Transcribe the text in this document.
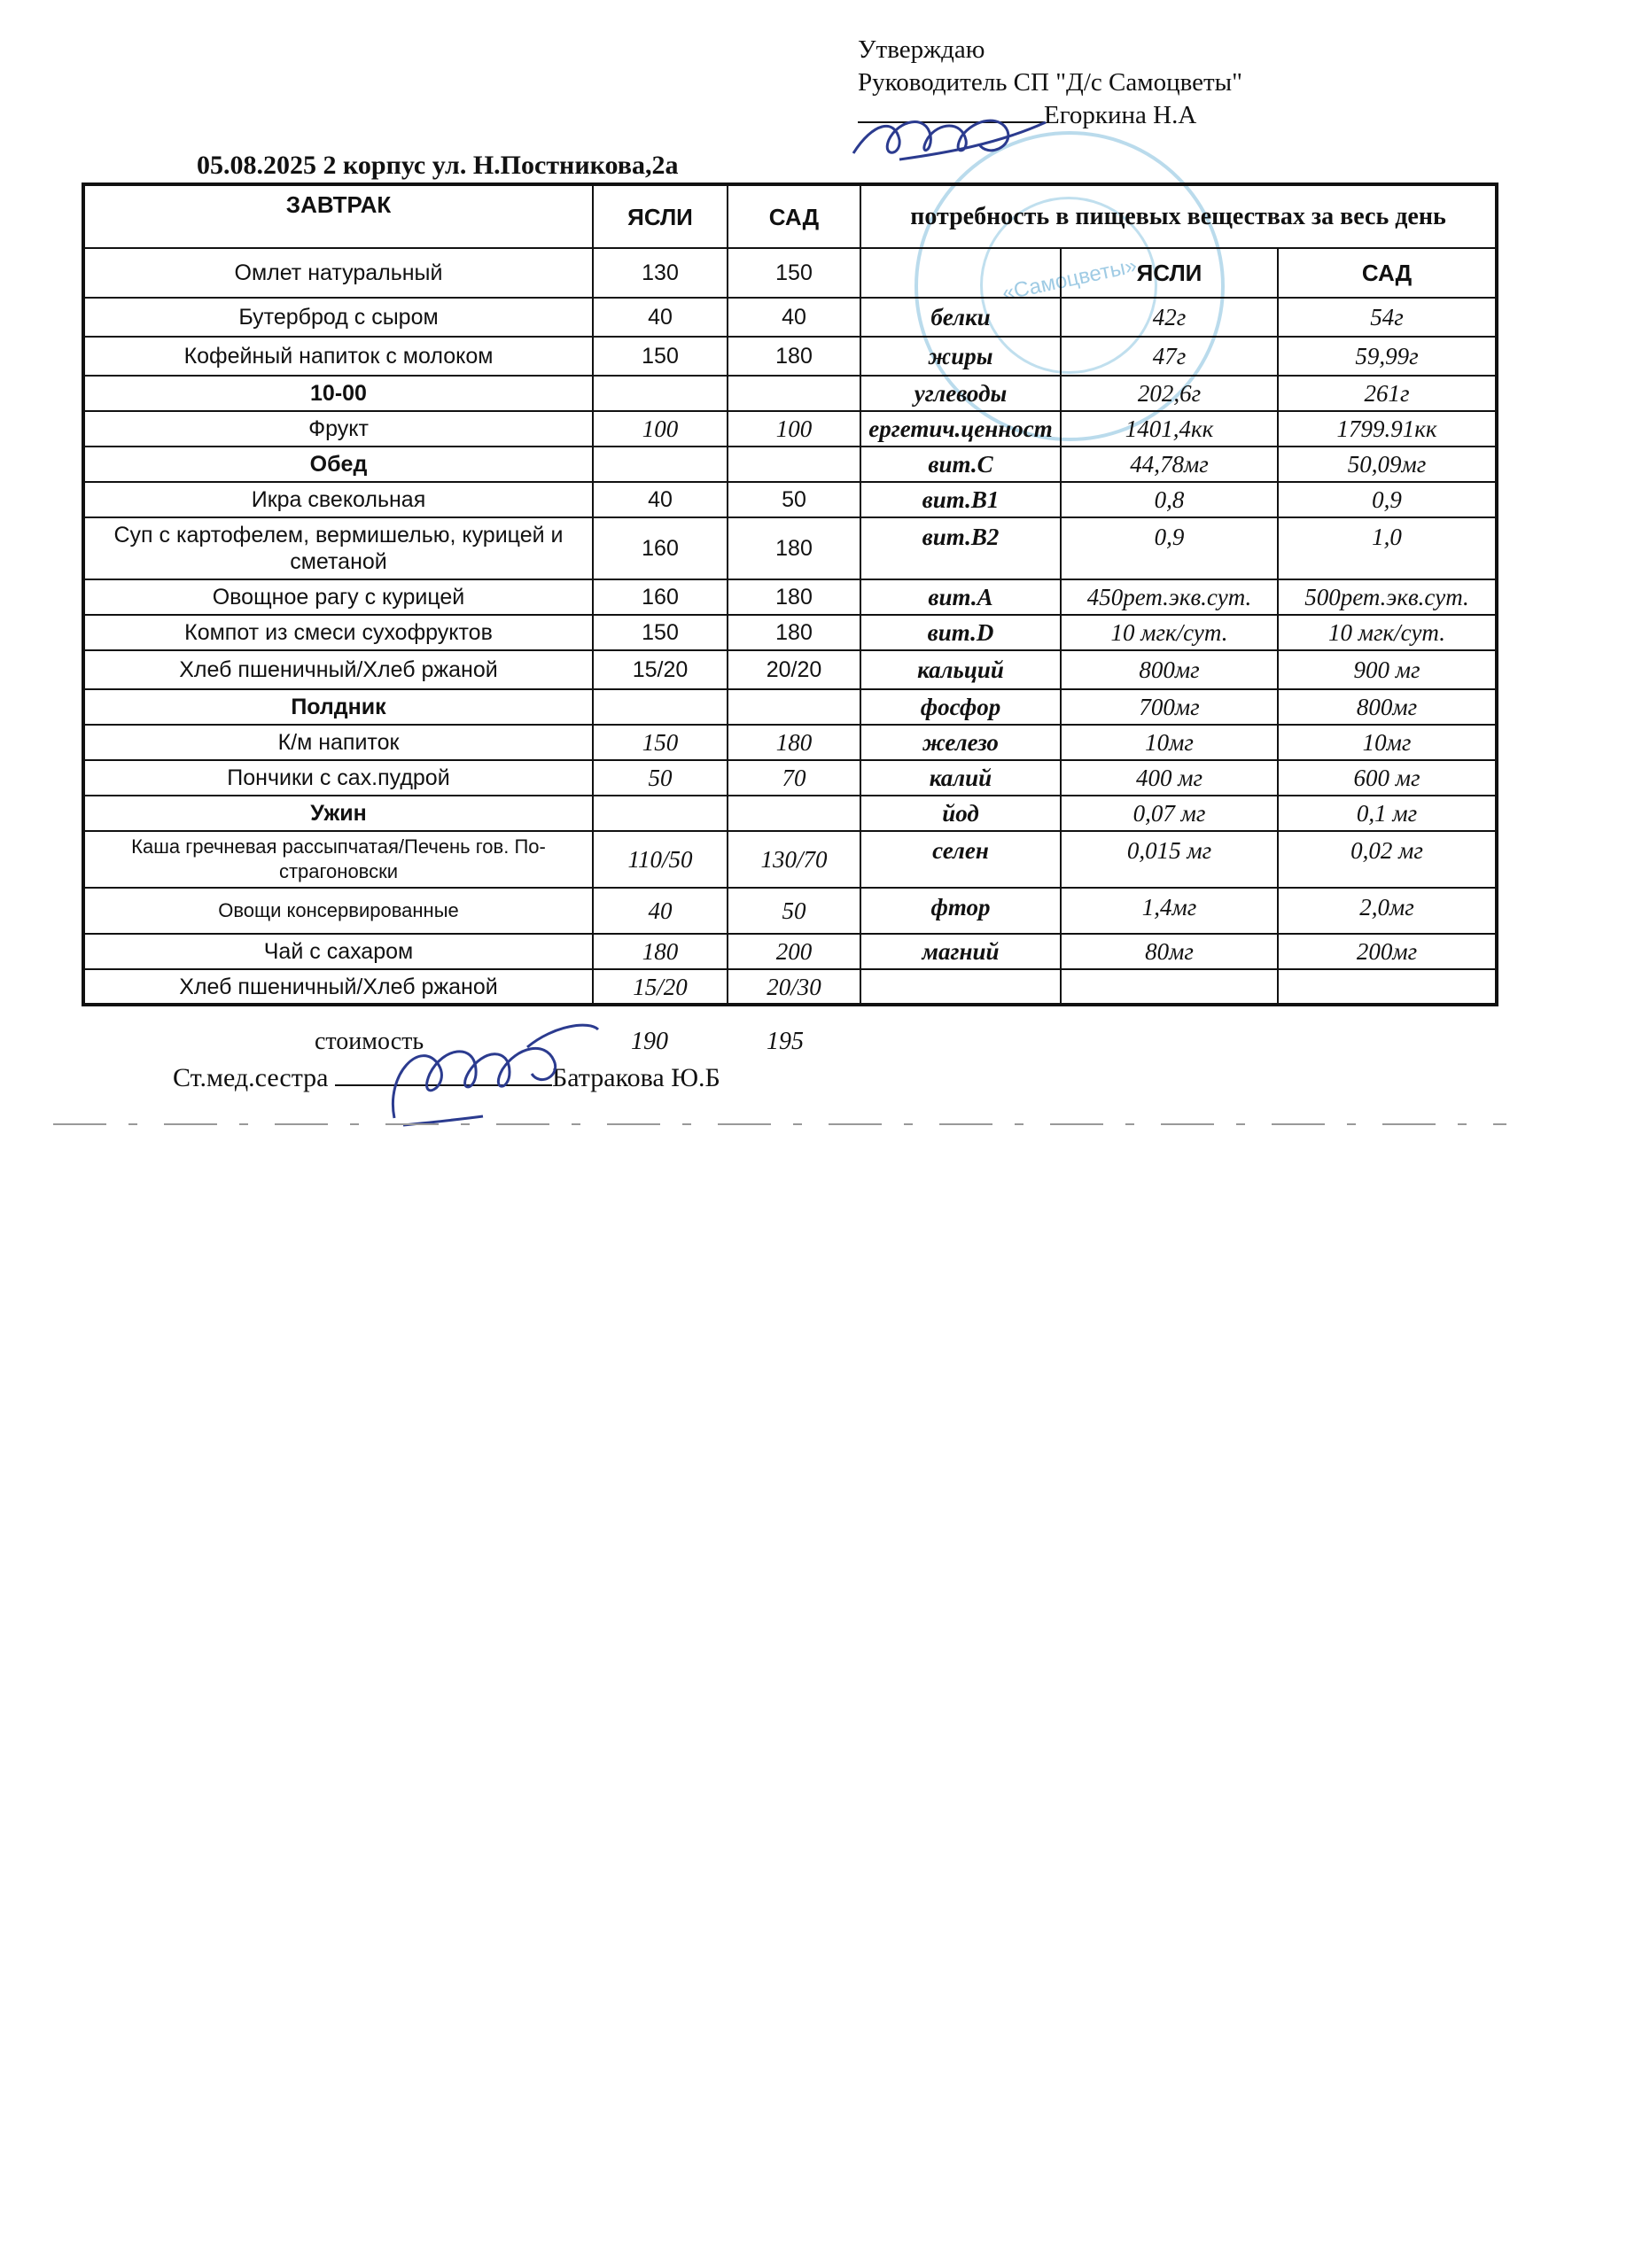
Утверждаю
Руководитель СП "Д/с Самоцветы"
Егоркина Н.А
«Самоцветы»
05.08.2025 2 корпус ул. Н.Постникова,2а
ЗАВТРАК	ЯСЛИ	САД	потребность в пищевых веществах за весь день		
Омлет натуральный	130	150		ЯСЛИ	САД
Бутерброд с сыром	40	40	белки	42г	54г
Кофейный напиток с молоком	150	180	жиры	47г	59,99г
10-00			углеводы	202,6г	261г
Фрукт	100	100	ергетич.ценност	1401,4кк	1799.91кк
Обед			вит.С	44,78мг	50,09мг
Икра свекольная	40	50	вит.В1	0,8	0,9
Суп с картофелем, вермишелью, курицей и сметаной	160	180	вит.В2	0,9	1,0
Овощное рагу с курицей	160	180	вит.А	450рет.экв.сут.	500рет.экв.сут.
Компот из смеси сухофруктов	150	180	вит.D	10 мгк/сут.	10 мгк/сут.
Хлеб пшеничный/Хлеб ржаной	15/20	20/20	кальций	800мг	900 мг
Полдник			фосфор	700мг	800мг
К/м напиток	150	180	железо	10мг	10мг
Пончики с сах.пудрой	50	70	калий	400 мг	600 мг
Ужин			йод	0,07 мг	0,1 мг
Каша гречневая рассыпчатая/Печень гов. По-страгоновски	110/50	130/70	селен	0,015 мг	0,02 мг
Овощи консервированные	40	50	фтор	1,4мг	2,0мг
Чай с сахаром	180	200	магний	80мг	200мг
Хлеб пшеничный/Хлеб ржаной	15/20	20/30			
стоимость	190	195
Ст.мед.сестра	Батракова Ю.Б
